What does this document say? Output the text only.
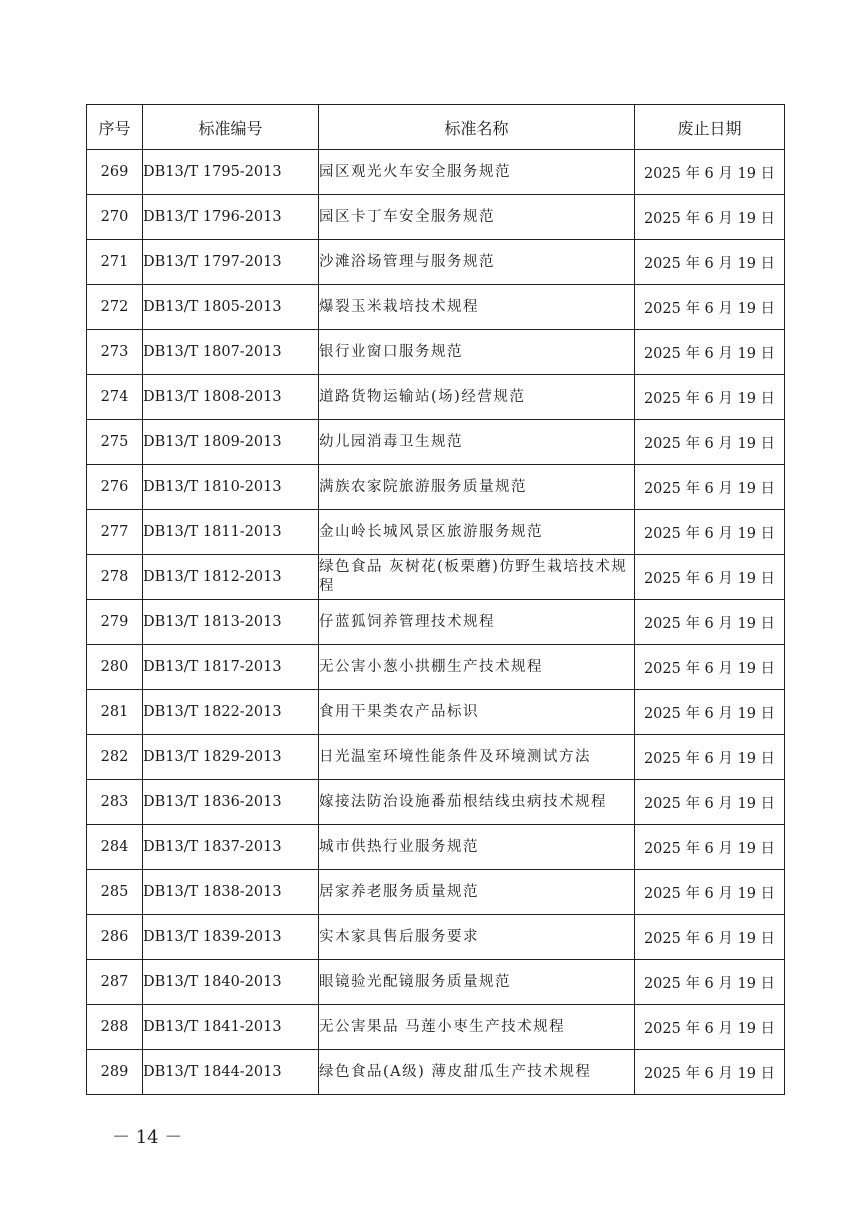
序号	标准编号	标准名称	废止日期
269	DB13/T 1795-2013	园区观光火车安全服务规范	2025 年 6 月 19 日
270	DB13/T 1796-2013	园区卡丁车安全服务规范	2025 年 6 月 19 日
271	DB13/T 1797-2013	沙滩浴场管理与服务规范	2025 年 6 月 19 日
272	DB13/T 1805-2013	爆裂玉米栽培技术规程	2025 年 6 月 19 日
273	DB13/T 1807-2013	银行业窗口服务规范	2025 年 6 月 19 日
274	DB13/T 1808-2013	道路货物运输站(场)经营规范	2025 年 6 月 19 日
275	DB13/T 1809-2013	幼儿园消毒卫生规范	2025 年 6 月 19 日
276	DB13/T 1810-2013	满族农家院旅游服务质量规范	2025 年 6 月 19 日
277	DB13/T 1811-2013	金山岭长城风景区旅游服务规范	2025 年 6 月 19 日
278	DB13/T 1812-2013	绿色食品 灰树花(板栗蘑)仿野生栽培技术规程	2025 年 6 月 19 日
279	DB13/T 1813-2013	仔蓝狐饲养管理技术规程	2025 年 6 月 19 日
280	DB13/T 1817-2013	无公害小葱小拱棚生产技术规程	2025 年 6 月 19 日
281	DB13/T 1822-2013	食用干果类农产品标识	2025 年 6 月 19 日
282	DB13/T 1829-2013	日光温室环境性能条件及环境测试方法	2025 年 6 月 19 日
283	DB13/T 1836-2013	嫁接法防治设施番茄根结线虫病技术规程	2025 年 6 月 19 日
284	DB13/T 1837-2013	城市供热行业服务规范	2025 年 6 月 19 日
285	DB13/T 1838-2013	居家养老服务质量规范	2025 年 6 月 19 日
286	DB13/T 1839-2013	实木家具售后服务要求	2025 年 6 月 19 日
287	DB13/T 1840-2013	眼镜验光配镜服务质量规范	2025 年 6 月 19 日
288	DB13/T 1841-2013	无公害果品 马莲小枣生产技术规程	2025 年 6 月 19 日
289	DB13/T 1844-2013	绿色食品(A级) 薄皮甜瓜生产技术规程	2025 年 6 月 19 日
－ 14 －
